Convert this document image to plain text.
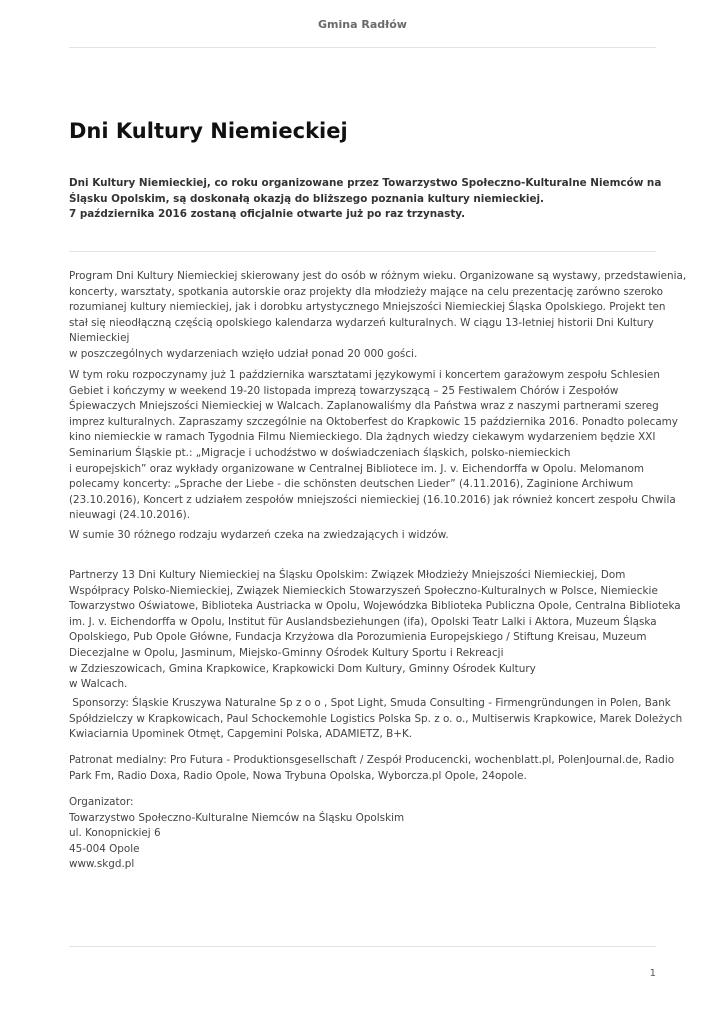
Gmina Radłów
Dni Kultury Niemieckiej

Dni Kultury Niemieckiej, co roku organizowane przez Towarzystwo Społeczno-Kulturalne Niemców na
Śląsku Opolskim, są doskonałą okazją do bliższego poznania kultury niemieckiej.
7 października 2016 zostaną oficjalnie otwarte już po raz trzynasty.

Program Dni Kultury Niemieckiej skierowany jest do osób w różnym wieku. Organizowane są wystawy, przedstawienia,
koncerty, warsztaty, spotkania autorskie oraz projekty dla młodzieży mające na celu prezentację zarówno szeroko
rozumianej kultury niemieckiej, jak i dorobku artystycznego Mniejszości Niemieckiej Śląska Opolskiego. Projekt ten
stał się nieodłączną częścią opolskiego kalendarza wydarzeń kulturalnych. W ciągu 13-letniej historii Dni Kultury
Niemieckiej
w poszczególnych wydarzeniach wzięło udział ponad 20 000 gości.

W tym roku rozpoczynamy już 1 października warsztatami językowymi i koncertem garażowym zespołu Schlesien
Gebiet i kończymy w weekend 19-20 listopada imprezą towarzyszącą – 25 Festiwalem Chórów i Zespołów
Śpiewaczych Mniejszości Niemieckiej w Walcach. Zaplanowaliśmy dla Państwa wraz z naszymi partnerami szereg
imprez kulturalnych. Zapraszamy szczególnie na Oktoberfest do Krapkowic 15 października 2016. Ponadto polecamy
kino niemieckie w ramach Tygodnia Filmu Niemieckiego. Dla żądnych wiedzy ciekawym wydarzeniem będzie XXI
Seminarium Śląskie pt.: „Migracje i uchodźstwo w doświadczeniach śląskich, polsko-niemieckich
i europejskich” oraz wykłady organizowane w Centralnej Bibliotece im. J. v. Eichendorffa w Opolu. Melomanom
polecamy koncerty: „Sprache der Liebe - die schönsten deutschen Lieder” (4.11.2016), Zaginione Archiwum
(23.10.2016), Koncert z udziałem zespołów mniejszości niemieckiej (16.10.2016) jak również koncert zespołu Chwila
nieuwagi (24.10.2016).

W sumie 30 różnego rodzaju wydarzeń czeka na zwiedzających i widzów.

Partnerzy 13 Dni Kultury Niemieckiej na Śląsku Opolskim: Związek Młodzieży Mniejszości Niemieckiej, Dom
Współpracy Polsko-Niemieckiej, Związek Niemieckich Stowarzyszeń Społeczno-Kulturalnych w Polsce, Niemieckie
Towarzystwo Oświatowe, Biblioteka Austriacka w Opolu, Wojewódzka Biblioteka Publiczna Opole, Centralna Biblioteka
im. J. v. Eichendorffa w Opolu, Institut für Auslandsbeziehungen (ifa), Opolski Teatr Lalki i Aktora, Muzeum Śląska
Opolskiego, Pub Opole Główne, Fundacja Krzyżowa dla Porozumienia Europejskiego / Stiftung Kreisau, Muzeum
Diecezjalne w Opolu, Jasminum, Miejsko-Gminny Ośrodek Kultury Sportu i Rekreacji
w Zdzieszowicach, Gmina Krapkowice, Krapkowicki Dom Kultury, Gminny Ośrodek Kultury
w Walcach.

Sponsorzy: Śląskie Kruszywa Naturalne Sp z o o , Spot Light, Smuda Consulting - Firmengründungen in Polen, Bank
Spółdzielczy w Krapkowicach, Paul Schockemohle Logistics Polska Sp. z o. o., Multiserwis Krapkowice, Marek Doleżych
Kwiaciarnia Upominek Otmęt, Capgemini Polska, ADAMIETZ, B+K.

Patronat medialny: Pro Futura - Produktionsgesellschaft / Zespół Producencki, wochenblatt.pl, PolenJournal.de, Radio
Park Fm, Radio Doxa, Radio Opole, Nowa Trybuna Opolska, Wyborcza.pl Opole, 24opole.

Organizator:
Towarzystwo Społeczno-Kulturalne Niemców na Śląsku Opolskim
ul. Konopnickiej 6
45-004 Opole
www.skgd.pl

1
